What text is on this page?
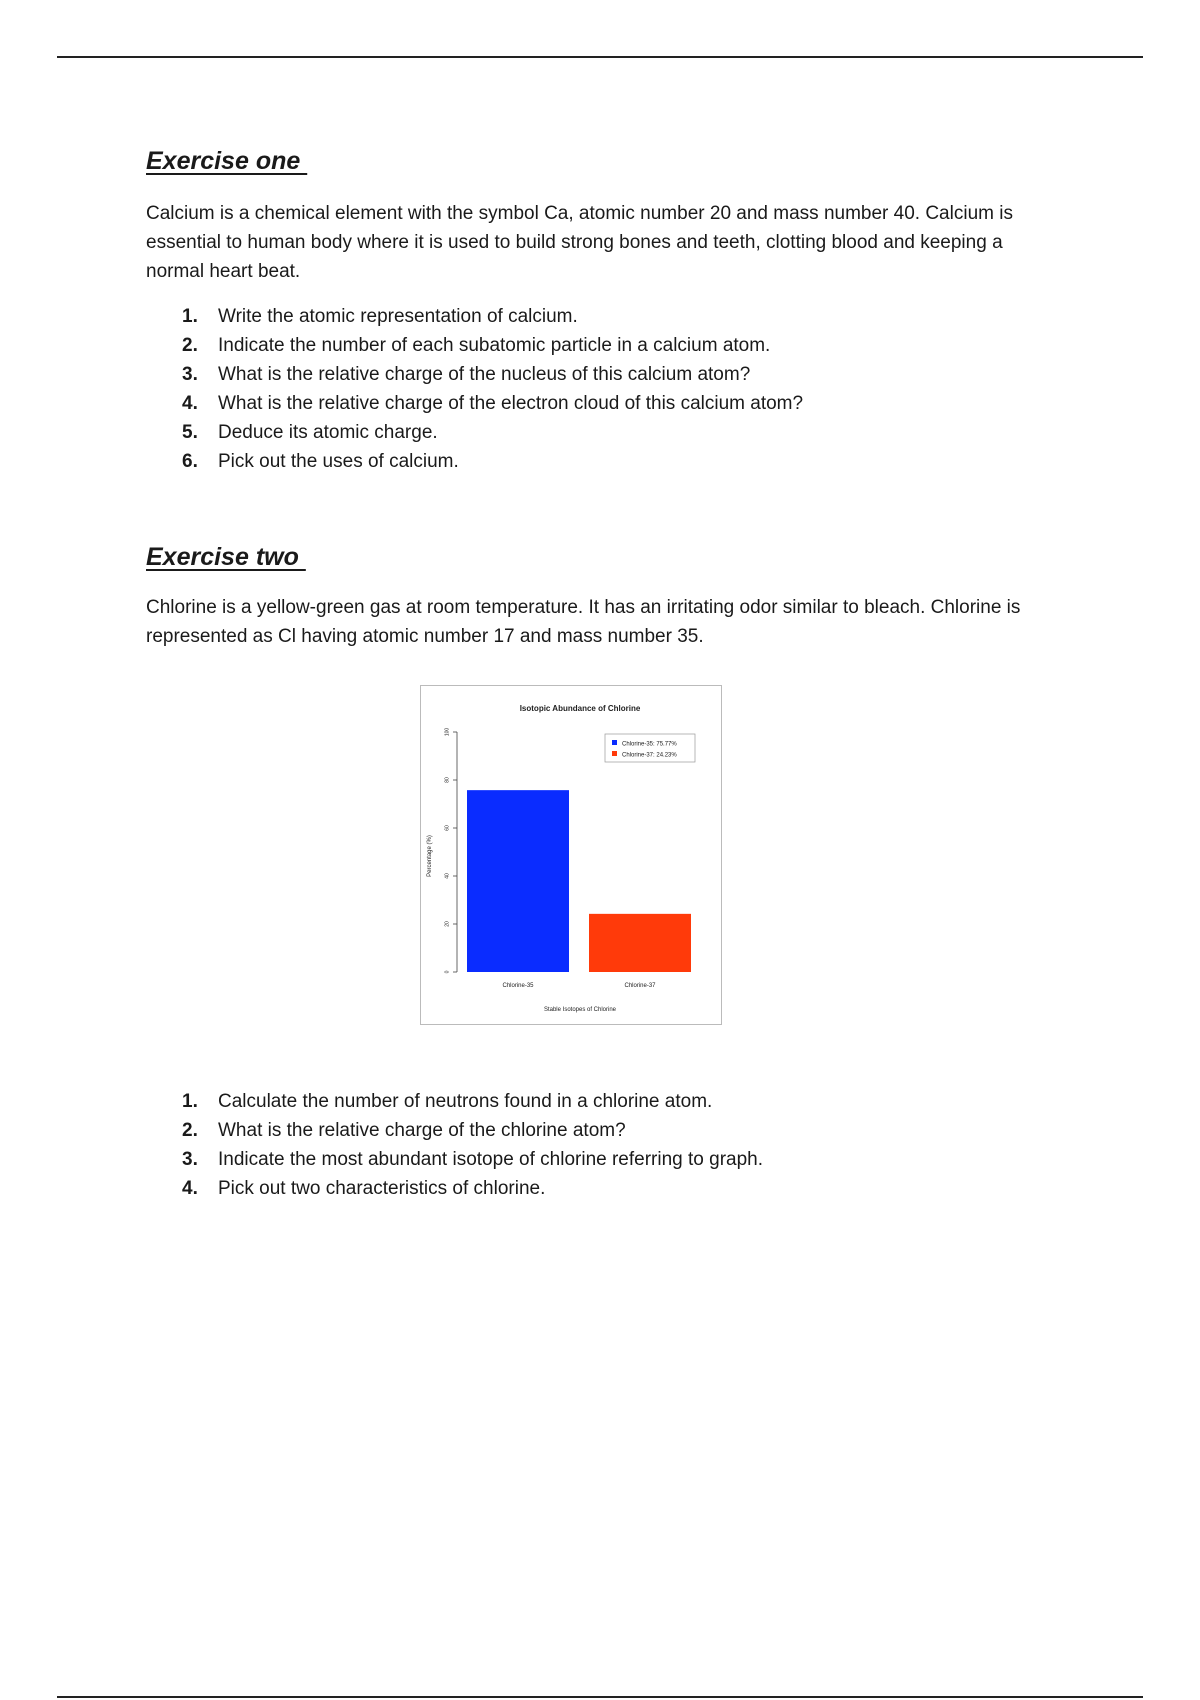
Exercise one

Calcium is a chemical element with the symbol Ca, atomic number 20 and mass number 40. Calcium is essential to human body where it is used to build strong bones and teeth, clotting blood and keeping a normal heart beat.

1. Write the atomic representation of calcium.
2. Indicate the number of each subatomic particle in a calcium atom.
3. What is the relative charge of the nucleus of this calcium atom?
4. What is the relative charge of the electron cloud of this calcium atom?
5. Deduce its atomic charge.
6. Pick out the uses of calcium.
Exercise two

Chlorine is a yellow-green gas at room temperature. It has an irritating odor similar to bleach. Chlorine is represented as Cl having atomic number 17 and mass number 35.

1. Calculate the number of neutrons found in a chlorine atom.
2. What is the relative charge of the chlorine atom?
3. Indicate the most abundant isotope of chlorine referring to graph.
4. Pick out two characteristics of chlorine.
Isotopic Abundance of Chlorine
Percentage (%)
Stable Isotopes of Chlorine
0
20
40
60
80
100
Chlorine-35	Chlorine-37
Chlorine-35: 75.77%
Chlorine-37: 24.23%
